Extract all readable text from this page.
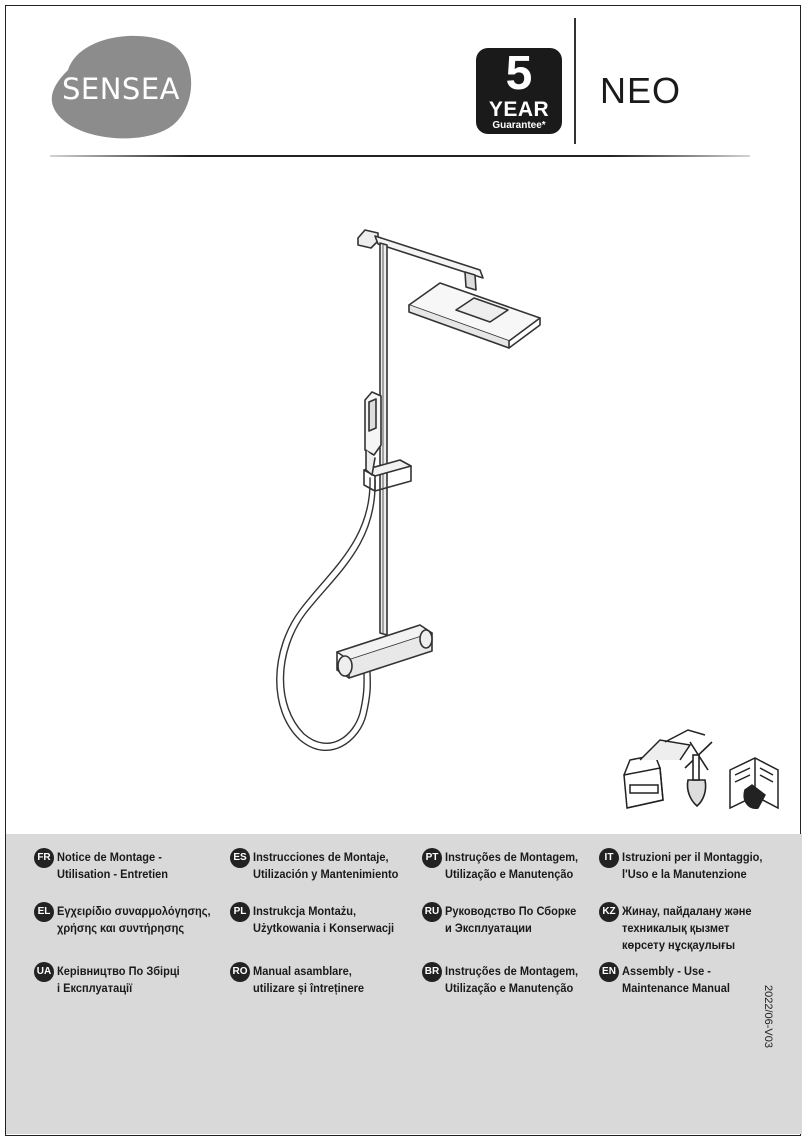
SENSEA	5
YEAR
Guarantee*
NEO
FR Notice de Montage -
Utilisation - Entretien
ES Instrucciones de Montaje,
Utilización y Mantenimiento
PT Instruções de Montagem,
Utilização e Manutenção
IT Istruzioni per il Montaggio,
l'Uso e la Manutenzione
EL Εγχειρίδιο συναρμολόγησης,
χρήσης και συντήρησης
PL Instrukcja Montażu,
Użytkowania i Konserwacji
RU Руководство По Сборке
и Эксплуатации
KZ Жинау, пайдалану және
техникалық қызмет
көрсету нұсқаулығы
UA Керівництво По Збірці
і Експлуатації
RO Manual asamblare,
utilizare și întreținere
BR Instruções de Montagem,
Utilização e Manutenção
EN Assembly - Use -
Maintenance Manual	2022/06-V03
